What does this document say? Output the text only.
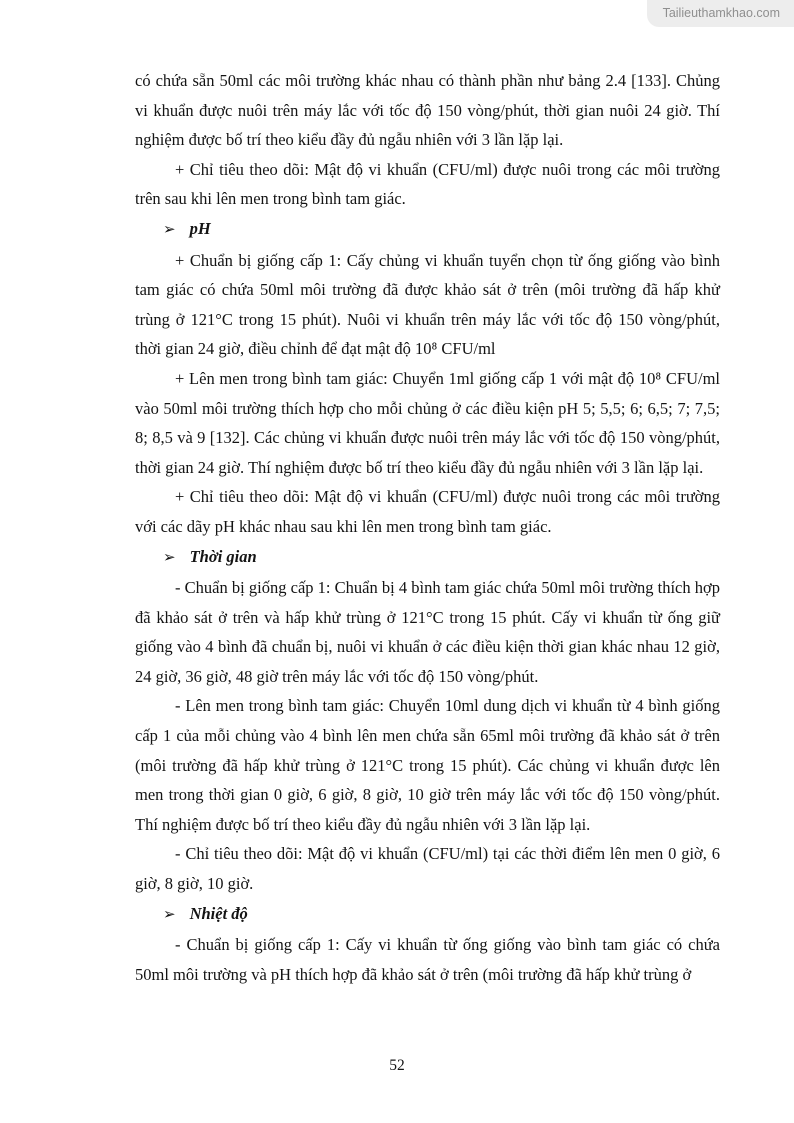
Tailieuthamkhao.com

có chứa sẵn 50ml các môi trường khác nhau có thành phần như bảng 2.4 [133]. Chủng vi khuẩn được nuôi trên máy lắc với tốc độ 150 vòng/phút, thời gian nuôi 24 giờ. Thí nghiệm được bố trí theo kiểu đầy đủ ngẫu nhiên với 3 lần lặp lại.

+ Chỉ tiêu theo dõi: Mật độ vi khuẩn (CFU/ml) được nuôi trong các môi trường trên sau khi lên men trong bình tam giác.

➢ pH

+ Chuẩn bị giống cấp 1: Cấy chủng vi khuẩn tuyển chọn từ ống giống vào bình tam giác có chứa 50ml môi trường đã được khảo sát ở trên (môi trường đã hấp khử trùng ở 121°C trong 15 phút). Nuôi vi khuẩn trên máy lắc với tốc độ 150 vòng/phút, thời gian 24 giờ, điều chỉnh để đạt mật độ 10⁸ CFU/ml

+ Lên men trong bình tam giác: Chuyển 1ml giống cấp 1 với mật độ 10⁸ CFU/ml vào 50ml môi trường thích hợp cho mỗi chủng ở các điều kiện pH 5; 5,5; 6; 6,5; 7; 7,5; 8; 8,5 và 9 [132]. Các chủng vi khuẩn được nuôi trên máy lắc với tốc độ 150 vòng/phút, thời gian 24 giờ. Thí nghiệm được bố trí theo kiểu đầy đủ ngẫu nhiên với 3 lần lặp lại.

+ Chỉ tiêu theo dõi: Mật độ vi khuẩn (CFU/ml) được nuôi trong các môi trường với các dãy pH khác nhau sau khi lên men trong bình tam giác.

➢ Thời gian

- Chuẩn bị giống cấp 1: Chuẩn bị 4 bình tam giác chứa 50ml môi trường thích hợp đã khảo sát ở trên và hấp khử trùng ở 121°C trong 15 phút. Cấy vi khuẩn từ ống giữ giống vào 4 bình đã chuẩn bị, nuôi vi khuẩn ở các điều kiện thời gian khác nhau 12 giờ, 24 giờ, 36 giờ, 48 giờ trên máy lắc với tốc độ 150 vòng/phút.

- Lên men trong bình tam giác: Chuyển 10ml dung dịch vi khuẩn từ 4 bình giống cấp 1 của mỗi chủng vào 4 bình lên men chứa sẵn 65ml môi trường đã khảo sát ở trên (môi trường đã hấp khử trùng ở 121°C trong 15 phút). Các chủng vi khuẩn được lên men trong thời gian 0 giờ, 6 giờ, 8 giờ, 10 giờ trên máy lắc với tốc độ 150 vòng/phút. Thí nghiệm được bố trí theo kiểu đầy đủ ngẫu nhiên với 3 lần lặp lại.

- Chỉ tiêu theo dõi: Mật độ vi khuẩn (CFU/ml) tại các thời điểm lên men 0 giờ, 6 giờ, 8 giờ, 10 giờ.

➢ Nhiệt độ

- Chuẩn bị giống cấp 1: Cấy vi khuẩn từ ống giống vào bình tam giác có chứa 50ml môi trường và pH thích hợp đã khảo sát ở trên (môi trường đã hấp khử trùng ở

52
